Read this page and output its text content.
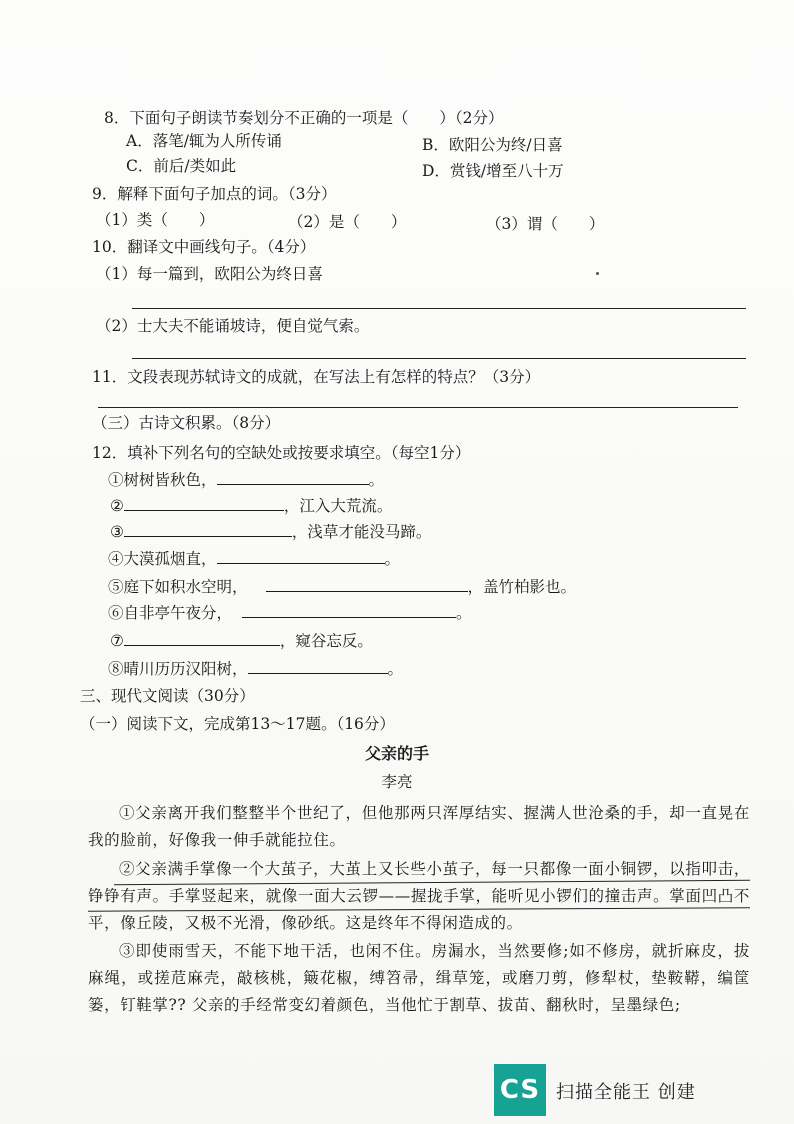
8．下面句子朗读节奏划分不正确的一项是（　　）（2分）
A．落笔/辄为人所传诵	B．欧阳公为终/日喜
C．前后/类如此	D．赏钱/增至八十万
9．解释下面句子加点的词。（3分）
（1）类（　　）	（2）是（　　）	（3）谓（　　）
10．翻译文中画线句子。（4分）
（1）每一篇到，欧阳公为终日喜
（2）士大夫不能诵坡诗，便自觉气索。
11．文段表现苏轼诗文的成就，在写法上有怎样的特点？（3分）
（三）古诗文积累。（8分）
12．填补下列名句的空缺处或按要求填空。（每空1分）
①树树皆秋色，	。
②	，江入大荒流。
③	，浅草才能没马蹄。
④大漠孤烟直，	。
⑤庭下如积水空明，	，盖竹柏影也。
⑥自非亭午夜分，	。
⑦	，窥谷忘反。
⑧晴川历历汉阳树，	。
三、现代文阅读（30分）
（一）阅读下文，完成第13～17题。（16分）
父亲的手
李亮
①父亲离开我们整整半个世纪了，但他那两只浑厚结实、握满人世沧桑的手，却一直晃在我的脸前，好像我一伸手就能拉住。
②父亲满手掌像一个大茧子，大茧上又长些小茧子，每一只都像一面小铜锣，以指叩击，铮铮有声。手掌竖起来，就像一面大云锣——握拢手掌，能听见小锣们的撞击声。掌面凹凸不平，像丘陵，又极不光滑，像砂纸。这是终年不得闲造成的。
③即使雨雪天，不能下地干活，也闲不住。房漏水，当然要修;如不修房，就折麻皮，拔麻绳，或搓苊麻壳，敲核桃，簸花椒，缚笤帚，缉草笼，或磨刀剪，修犁杖，垫鞍鞯，编筐篓，钉鞋掌?? 父亲的手经常变幻着颜色，当他忙于割草、拔苗、翻秋时，呈墨绿色;
CS 扫描全能王 创建
